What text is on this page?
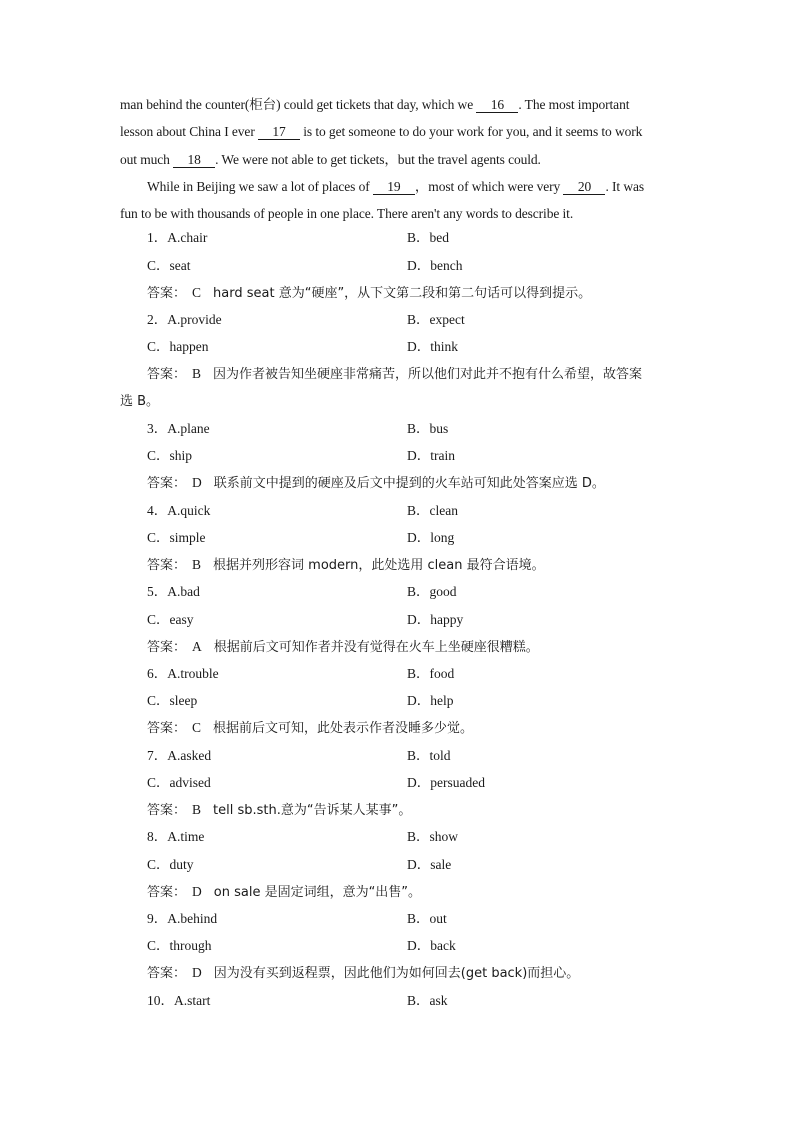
man behind the counter(柜台) could get tickets that day, which we 16 . The most important
lesson about China I ever 17 is to get someone to do your work for you, and it seems to work
out much 18 . We were not able to get tickets，but the travel agents could.
While in Beijing we saw a lot of places of 19 ，most of which were very 20 . It was
fun to be with thousands of people in one place. There aren't any words to describe it.
1．A.chair	B．bed
C．seat	D．bench
答案： C hard seat 意为“硬座”，从下文第二段和第二句话可以得到提示。
2．A.provide	B．expect
C．happen	D．think
答案： B 因为作者被告知坐硬座非常痛苦，所以他们对此并不抱有什么希望，故答案
选 B。
3．A.plane	B．bus
C．ship	D．train
答案： D 联系前文中提到的硬座及后文中提到的火车站可知此处答案应选 D。
4．A.quick	B．clean
C．simple	D．long
答案： B 根据并列形容词 modern，此处选用 clean 最符合语境。
5．A.bad	B．good
C．easy	D．happy
答案： A 根据前后文可知作者并没有觉得在火车上坐硬座很糟糕。
6．A.trouble	B．food
C．sleep	D．help
答案： C 根据前后文可知，此处表示作者没睡多少觉。
7．A.asked	B．told
C．advised	D．persuaded
答案： B tell sb.sth.意为“告诉某人某事”。
8．A.time	B．show
C．duty	D．sale
答案： D on sale 是固定词组，意为“出售”。
9．A.behind	B．out
C．through	D．back
答案： D 因为没有买到返程票，因此他们为如何回去(get back)而担心。
10．A.start	B．ask
